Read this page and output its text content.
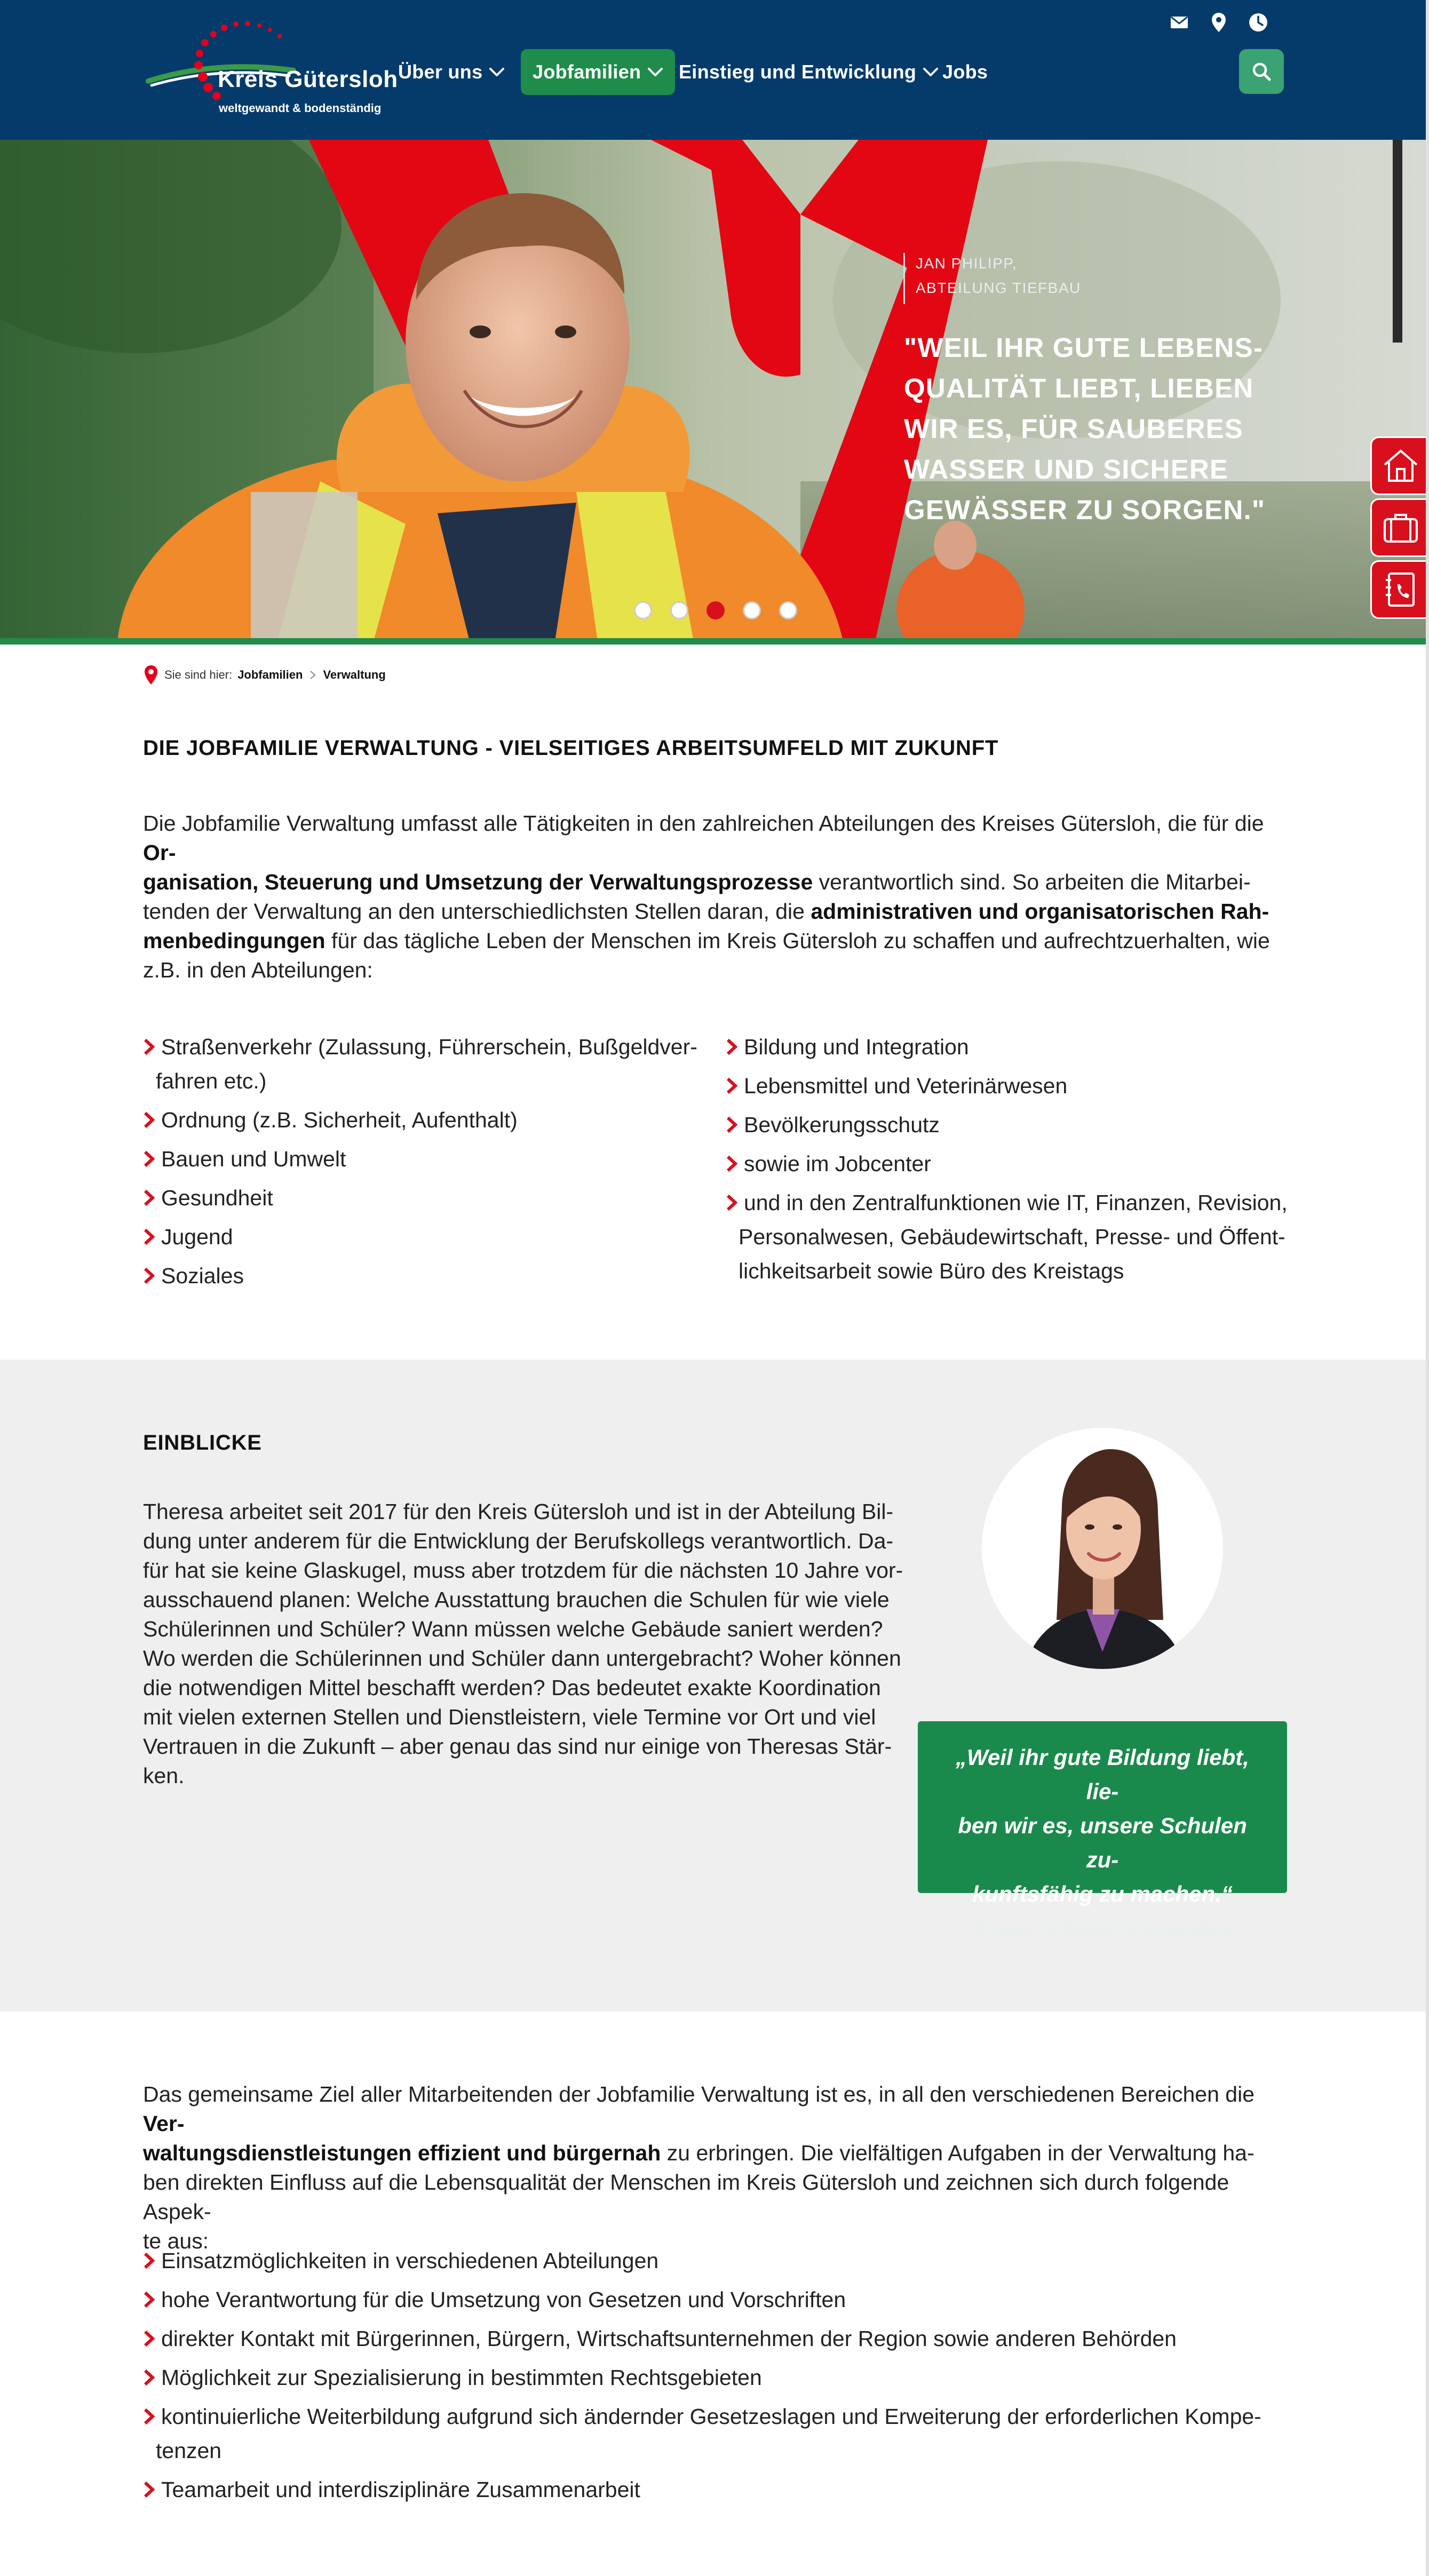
Kreis Gütersloh
weltgewandt & bodenständig
Über uns	Jobfamilien Einstieg und Entwicklung Jobs
JAN PHILIPP,
ABTEILUNG TIEFBAU
"WEIL IHR GUTE LEBENS-
QUALITÄT LIEBT, LIEBEN
WIR ES, FÜR SAUBERES
WASSER UND SICHERE
GEWÄSSER ZU SORGEN."
Sie sind hier: Jobfamilien Verwaltung
DIE JOBFAMILIE VERWALTUNG - VIELSEITIGES ARBEITSUMFELD MIT ZUKUNFT
Die Jobfamilie Verwaltung umfasst alle Tätigkeiten in den zahlreichen Abteilungen des Kreises Gütersloh, die für die Or-
ganisation, Steuerung und Umsetzung der Verwaltungsprozesse verantwortlich sind. So arbeiten die Mitarbei-
tenden der Verwaltung an den unterschiedlichsten Stellen daran, die administrativen und organisatorischen Rah-
menbedingungen für das tägliche Leben der Menschen im Kreis Gütersloh zu schaffen und aufrechtzuerhalten, wie
z.B. in den Abteilungen:
Straßenverkehr (Zulassung, Führerschein, Bußgeldver-
fahren etc.)
Ordnung (z.B. Sicherheit, Aufenthalt)
Bauen und Umwelt
Gesundheit
Jugend
Soziales
Bildung und Integration
Lebensmittel und Veterinärwesen
Bevölkerungsschutz
sowie im Jobcenter
und in den Zentralfunktionen wie IT, Finanzen, Revision,
Personalwesen, Gebäudewirtschaft, Presse- und Öffent-
lichkeitsarbeit sowie Büro des Kreistags
EINBLICKE
Theresa arbeitet seit 2017 für den Kreis Gütersloh und ist in der Abteilung Bil-
dung unter anderem für die Entwicklung der Berufskollegs verantwortlich. Da-
für hat sie keine Glaskugel, muss aber trotzdem für die nächsten 10 Jahre vor-
ausschauend planen: Welche Ausstattung brauchen die Schulen für wie viele
Schülerinnen und Schüler? Wann müssen welche Gebäude saniert werden?
Wo werden die Schülerinnen und Schüler dann untergebracht? Woher können
die notwendigen Mittel beschafft werden? Das bedeutet exakte Koordination
mit vielen externen Stellen und Dienstleistern, viele Termine vor Ort und viel
Vertrauen in die Zukunft – aber genau das sind nur einige von Theresas Stär-
ken.
„Weil ihr gute Bildung liebt, lie-
ben wir es, unsere Schulen zu-
kunftsfähig zu machen.“
Theresa, Sachgebiet Schulverwaltung
Das gemeinsame Ziel aller Mitarbeitenden der Jobfamilie Verwaltung ist es, in all den verschiedenen Bereichen die Ver-
waltungsdienstleistungen effizient und bürgernah zu erbringen. Die vielfältigen Aufgaben in der Verwaltung ha-
ben direkten Einfluss auf die Lebensqualität der Menschen im Kreis Gütersloh und zeichnen sich durch folgende Aspek-
te aus:
Einsatzmöglichkeiten in verschiedenen Abteilungen
hohe Verantwortung für die Umsetzung von Gesetzen und Vorschriften
direkter Kontakt mit Bürgerinnen, Bürgern, Wirtschaftsunternehmen der Region sowie anderen Behörden
Möglichkeit zur Spezialisierung in bestimmten Rechtsgebieten
kontinuierliche Weiterbildung aufgrund sich ändernder Gesetzeslagen und Erweiterung der erforderlichen Kompe-
tenzen
Teamarbeit und interdisziplinäre Zusammenarbeit
